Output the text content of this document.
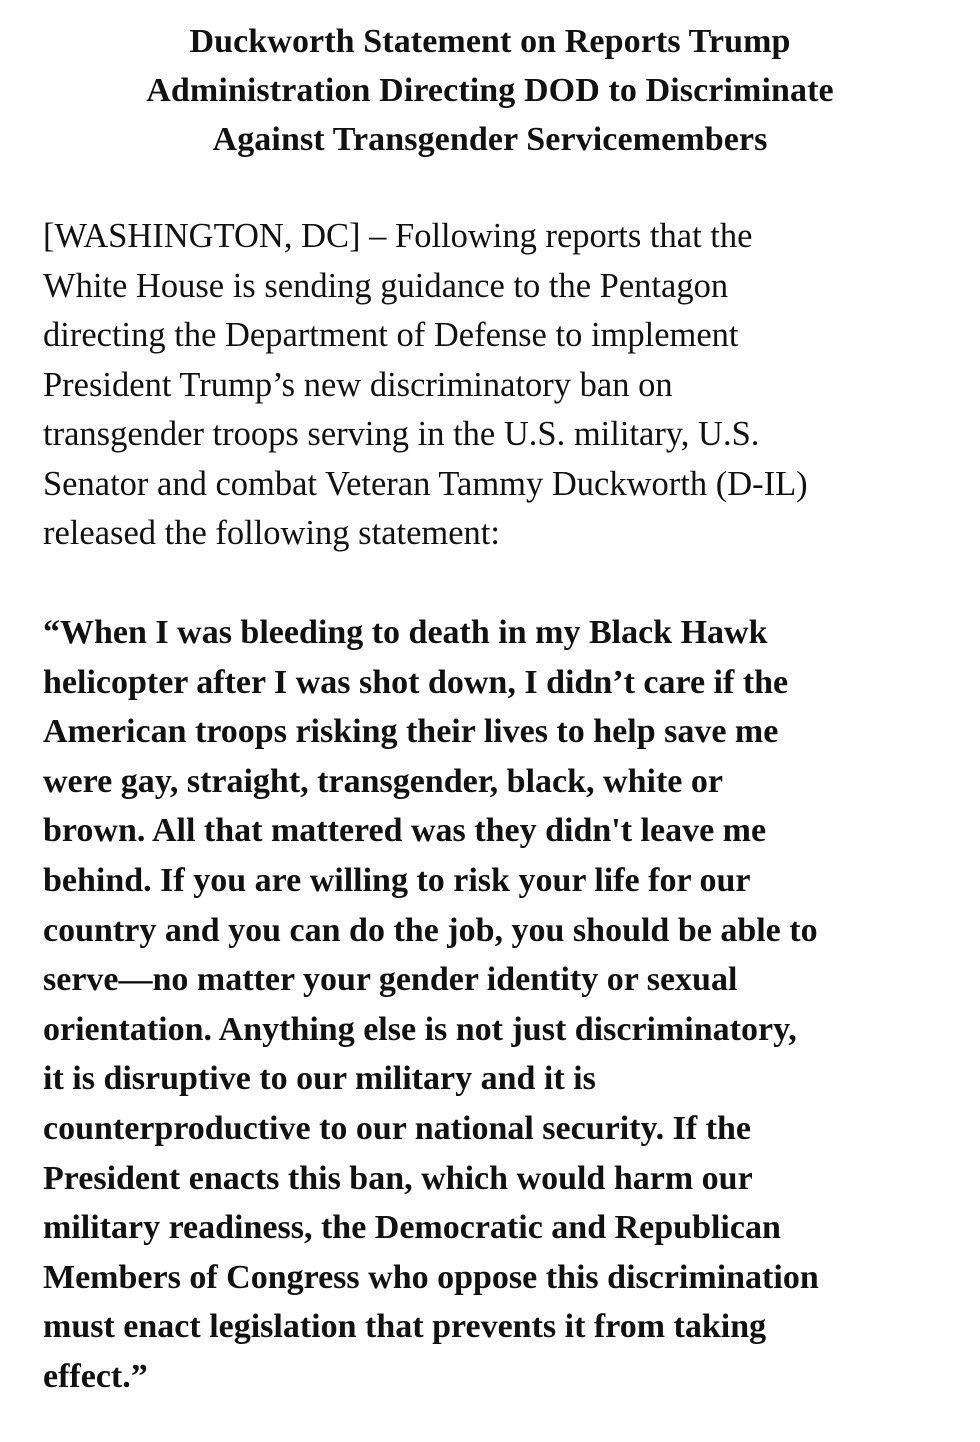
Duckworth Statement on Reports Trump
Administration Directing DOD to Discriminate
Against Transgender Servicemembers

[WASHINGTON, DC] – Following reports that the
White House is sending guidance to the Pentagon
directing the Department of Defense to implement
President Trump’s new discriminatory ban on
transgender troops serving in the U.S. military, U.S.
Senator and combat Veteran Tammy Duckworth (D-IL)
released the following statement:

“When I was bleeding to death in my Black Hawk
helicopter after I was shot down, I didn’t care if the
American troops risking their lives to help save me
were gay, straight, transgender, black, white or
brown. All that mattered was they didn't leave me
behind. If you are willing to risk your life for our
country and you can do the job, you should be able to
serve—no matter your gender identity or sexual
orientation. Anything else is not just discriminatory,
it is disruptive to our military and it is
counterproductive to our national security. If the
President enacts this ban, which would harm our
military readiness, the Democratic and Republican
Members of Congress who oppose this discrimination
must enact legislation that prevents it from taking
effect.”
